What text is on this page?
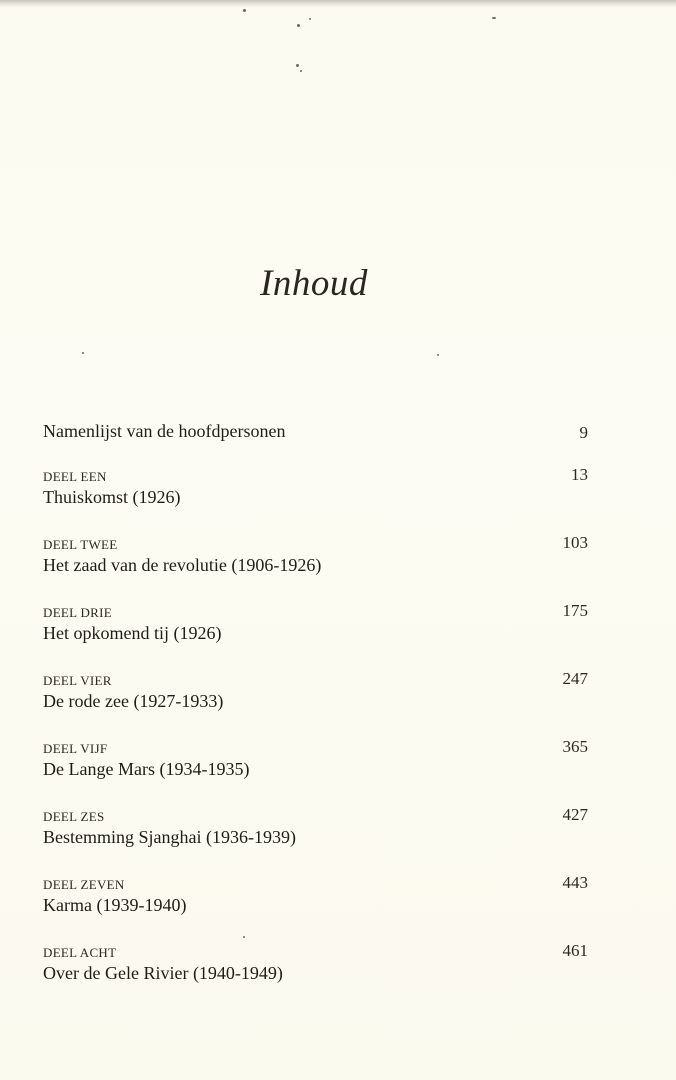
Inhoud
Namenlijst van de hoofdpersonen	9
DEEL EEN
Thuiskomst (1926)
13
DEEL TWEE
Het zaad van de revolutie (1906-1926)
103
DEEL DRIE
Het opkomend tij (1926)
175
DEEL VIER
De rode zee (1927-1933)
247
DEEL VIJF
De Lange Mars (1934-1935)
365
DEEL ZES
Bestemming Sjanghai (1936-1939)
427
DEEL ZEVEN
Karma (1939-1940)
443
DEEL ACHT
Over de Gele Rivier (1940-1949)
461
